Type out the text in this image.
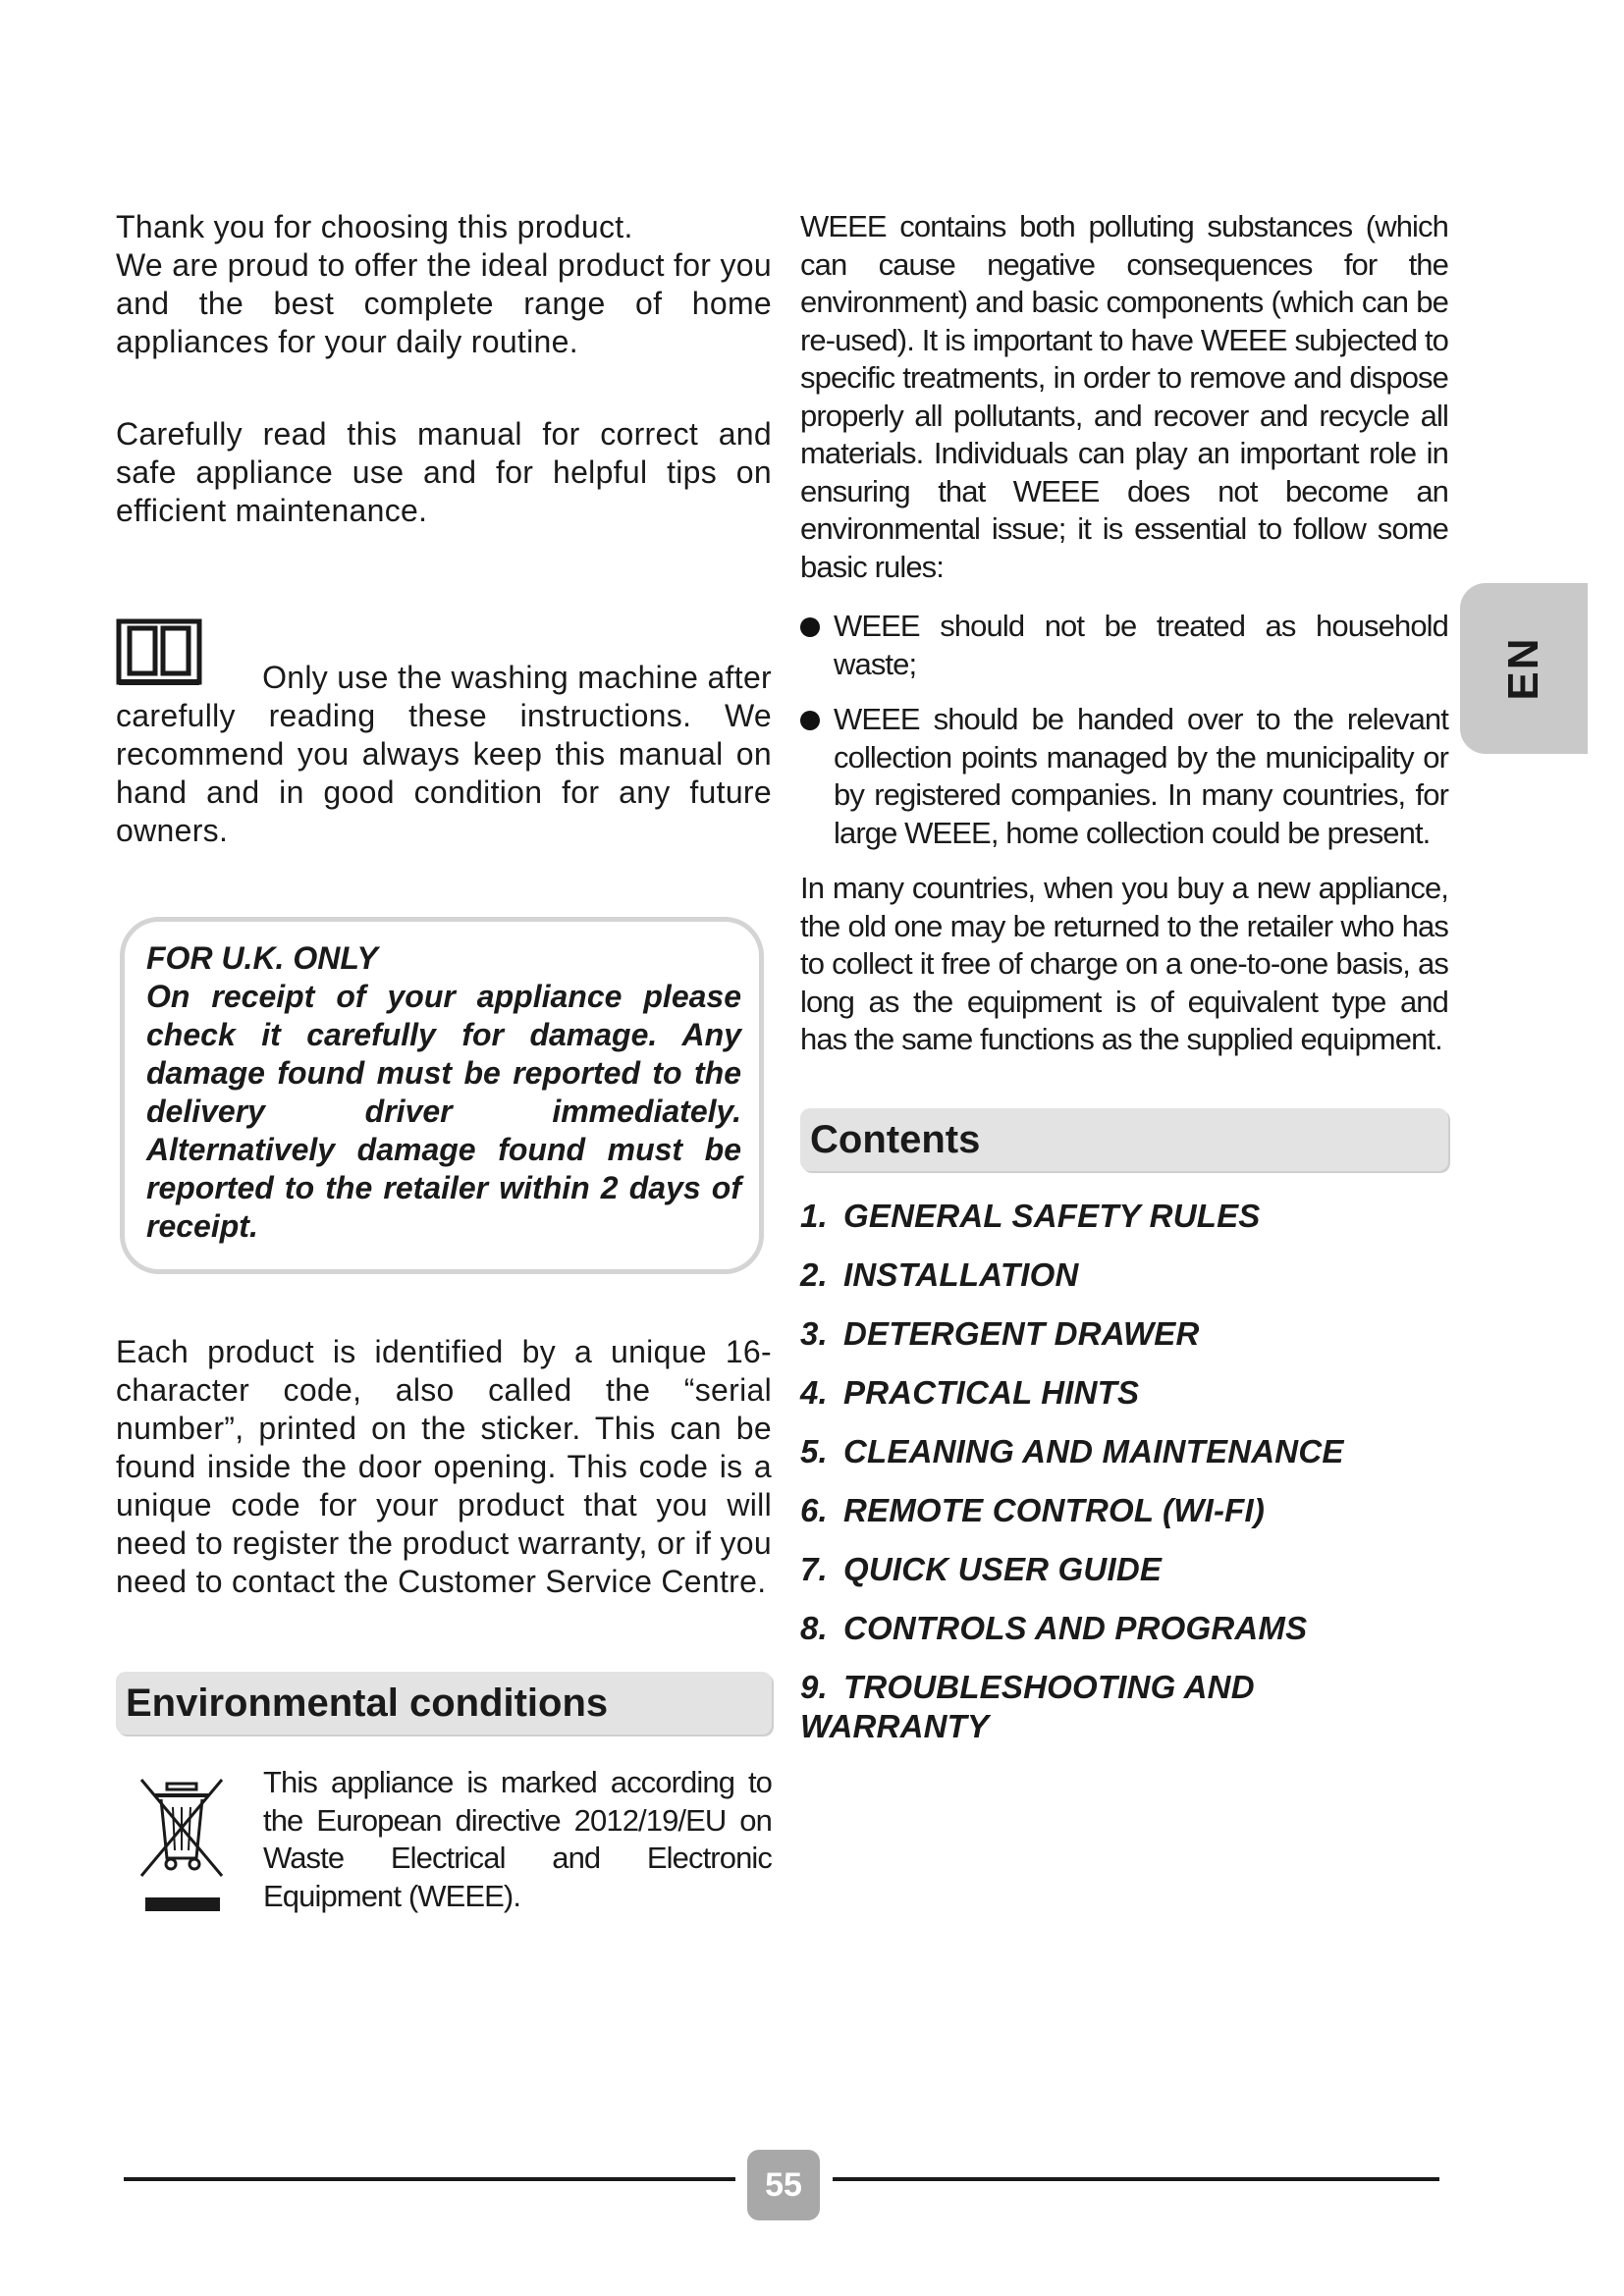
Thank you for choosing this product.

We are proud to offer the ideal product for you and the best complete range of home appliances for your daily routine.

Carefully read this manual for correct and safe appliance use and for helpful tips on efficient maintenance.

Only use the washing machine after

carefully reading these instructions. We recommend you always keep this manual on hand and in good condition for any future owners.

FOR U.K. ONLY

On receipt of your appliance please check it carefully for damage. Any damage found must be reported to the delivery driver immediately. Alternatively damage found must be reported to the retailer within 2 days of receipt.

Each product is identified by a unique 16-character code, also called the “serial number”, printed on the sticker. This can be found inside the door opening. This code is a unique code for your product that you will need to register the product warranty, or if you need to contact the Customer Service Centre.

Environmental conditions

This appliance is marked according to the European directive 2012/19/EU on Waste Electrical and Electronic Equipment (WEEE).

WEEE contains both polluting substances (which can cause negative consequences for the environment) and basic components (which can be re-used). It is important to have WEEE subjected to specific treatments, in order to remove and dispose properly all pollutants, and recover and recycle all materials. Individuals can play an important role in ensuring that WEEE does not become an environmental issue; it is essential to follow some basic rules:

WEEE should not be treated as household waste;
WEEE should be handed over to the relevant collection points managed by the municipality or by registered companies. In many countries, for large WEEE, home collection could be present.

In many countries, when you buy a new appliance, the old one may be returned to the retailer who has to collect it free of charge on a one-to-one basis, as long as the equipment is of equivalent type and has the same functions as the supplied equipment.

Contents
1. GENERAL SAFETY RULES
2. INSTALLATION
3. DETERGENT DRAWER
4. PRACTICAL HINTS
5. CLEANING AND MAINTENANCE
6. REMOTE CONTROL (WI-FI)
7. QUICK USER GUIDE
8. CONTROLS AND PROGRAMS
9. TROUBLESHOOTING AND WARRANTY
EN
55
